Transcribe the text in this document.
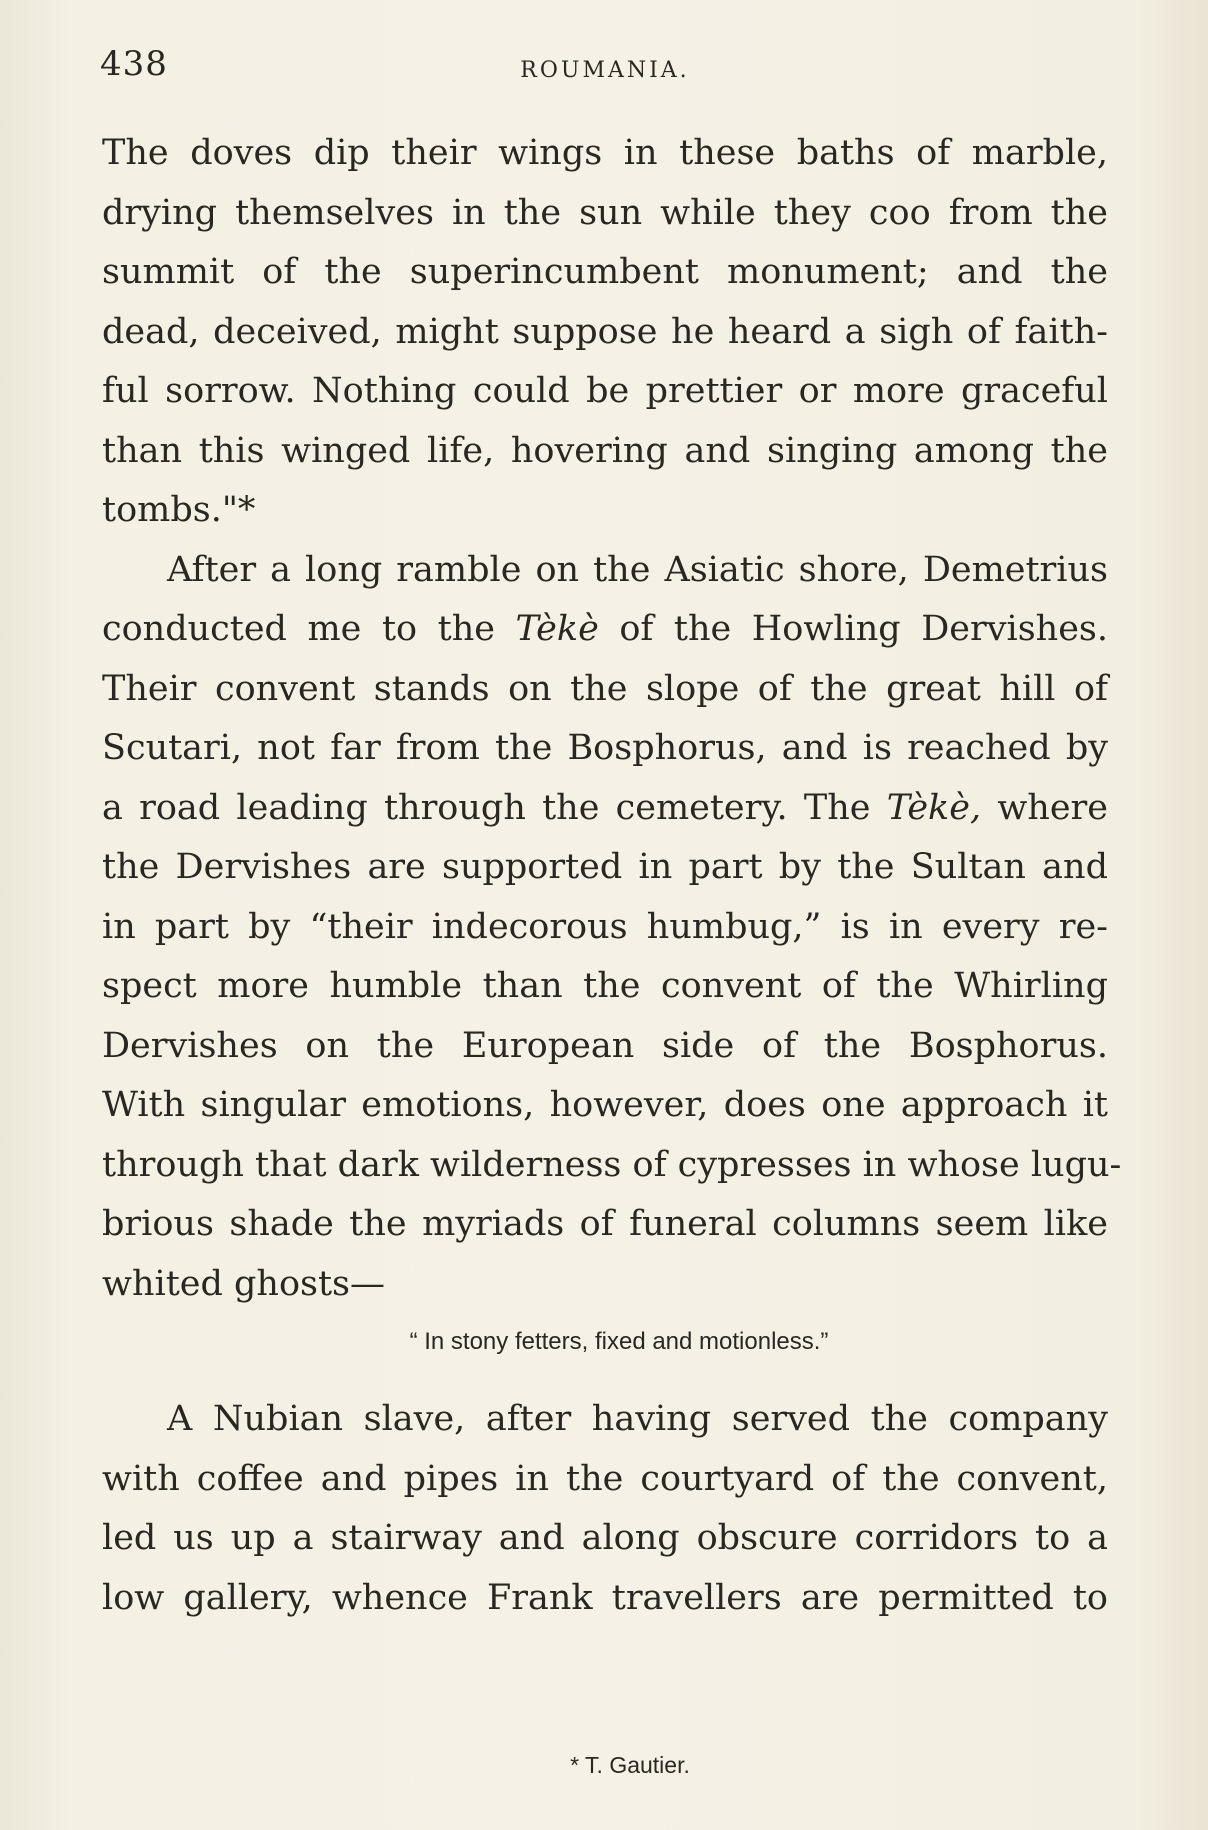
438	ROUMANIA.
The doves dip their wings in these baths of marble,
drying themselves in the sun while they coo from the
summit of the superincumbent monument; and the
dead, deceived, might suppose he heard a sigh of faith-
ful sorrow. Nothing could be prettier or more graceful
than this winged life, hovering and singing among the
tombs."*
After a long ramble on the Asiatic shore, Demetrius
conducted me to the Tèkè of the Howling Dervishes.
Their convent stands on the slope of the great hill of
Scutari, not far from the Bosphorus, and is reached by
a road leading through the cemetery. The Tèkè, where
the Dervishes are supported in part by the Sultan and
in part by “their indecorous humbug,” is in every re-
spect more humble than the convent of the Whirling
Dervishes on the European side of the Bosphorus.
With singular emotions, however, does one approach it
through that dark wilderness of cypresses in whose lugu-
brious shade the myriads of funeral columns seem like
whited ghosts—
“ In stony fetters, fixed and motionless.”
A Nubian slave, after having served the company
with coffee and pipes in the courtyard of the convent,
led us up a stairway and along obscure corridors to a
low gallery, whence Frank travellers are permitted to
* T. Gautier.
